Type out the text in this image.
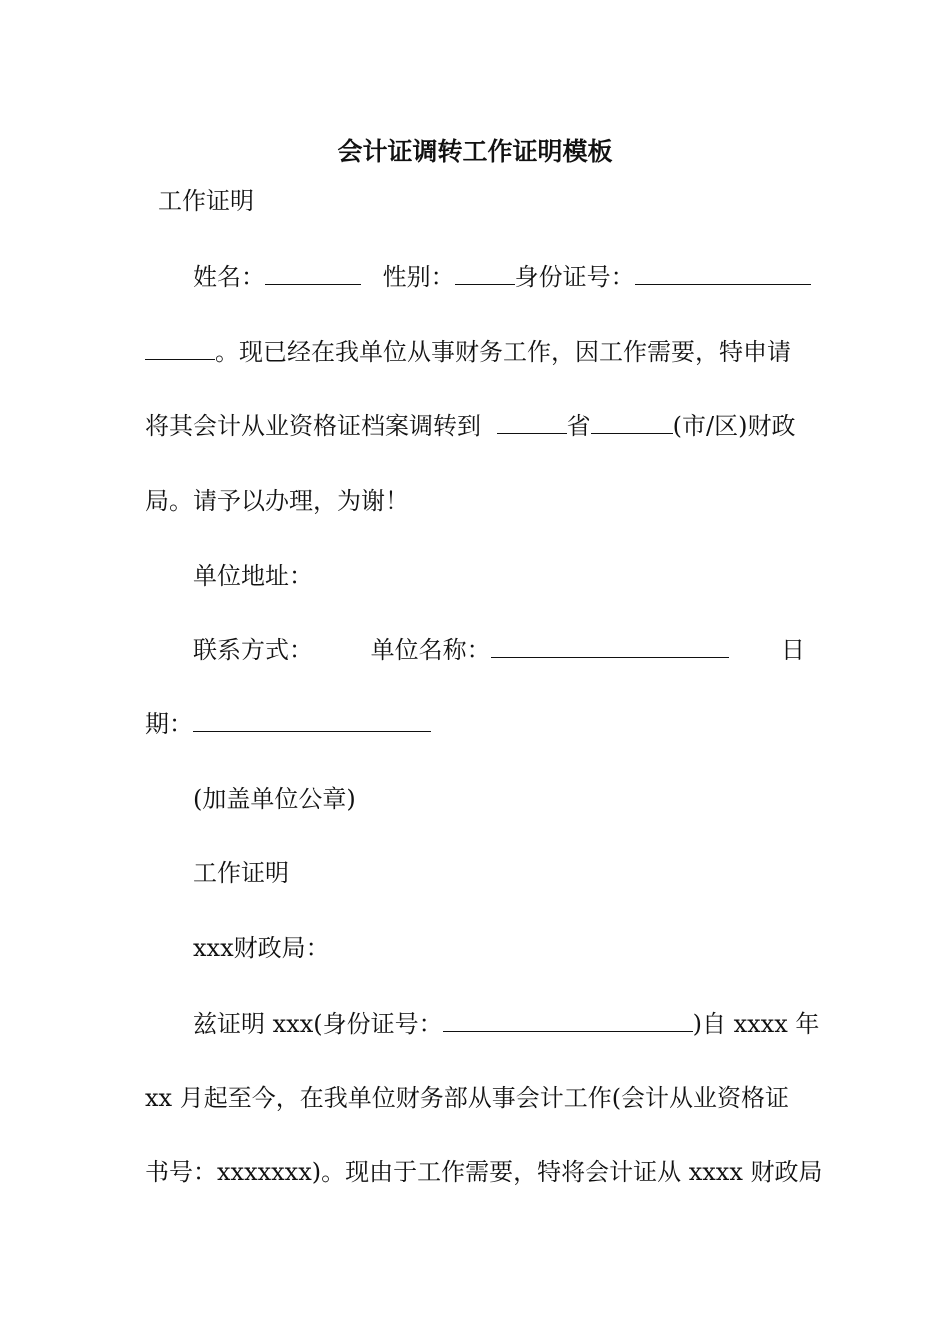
会计证调转工作证明模板
工作证明
姓名：	性别：	身份证号：
。现已经在我单位从事财务工作，因工作需要，特申请
将其会计从业资格证档案调转到	省	(市/区)财政
局。请予以办理，为谢！
单位地址：
联系方式： 单位名称：	日
期：
(加盖单位公章)
工作证明
xxx财政局：
兹证明 xxx(身份证号：	)自 xxxx 年
xx 月起至今，在我单位财务部从事会计工作(会计从业资格证
书号：xxxxxxx)。现由于工作需要，特将会计证从 xxxx 财政局
